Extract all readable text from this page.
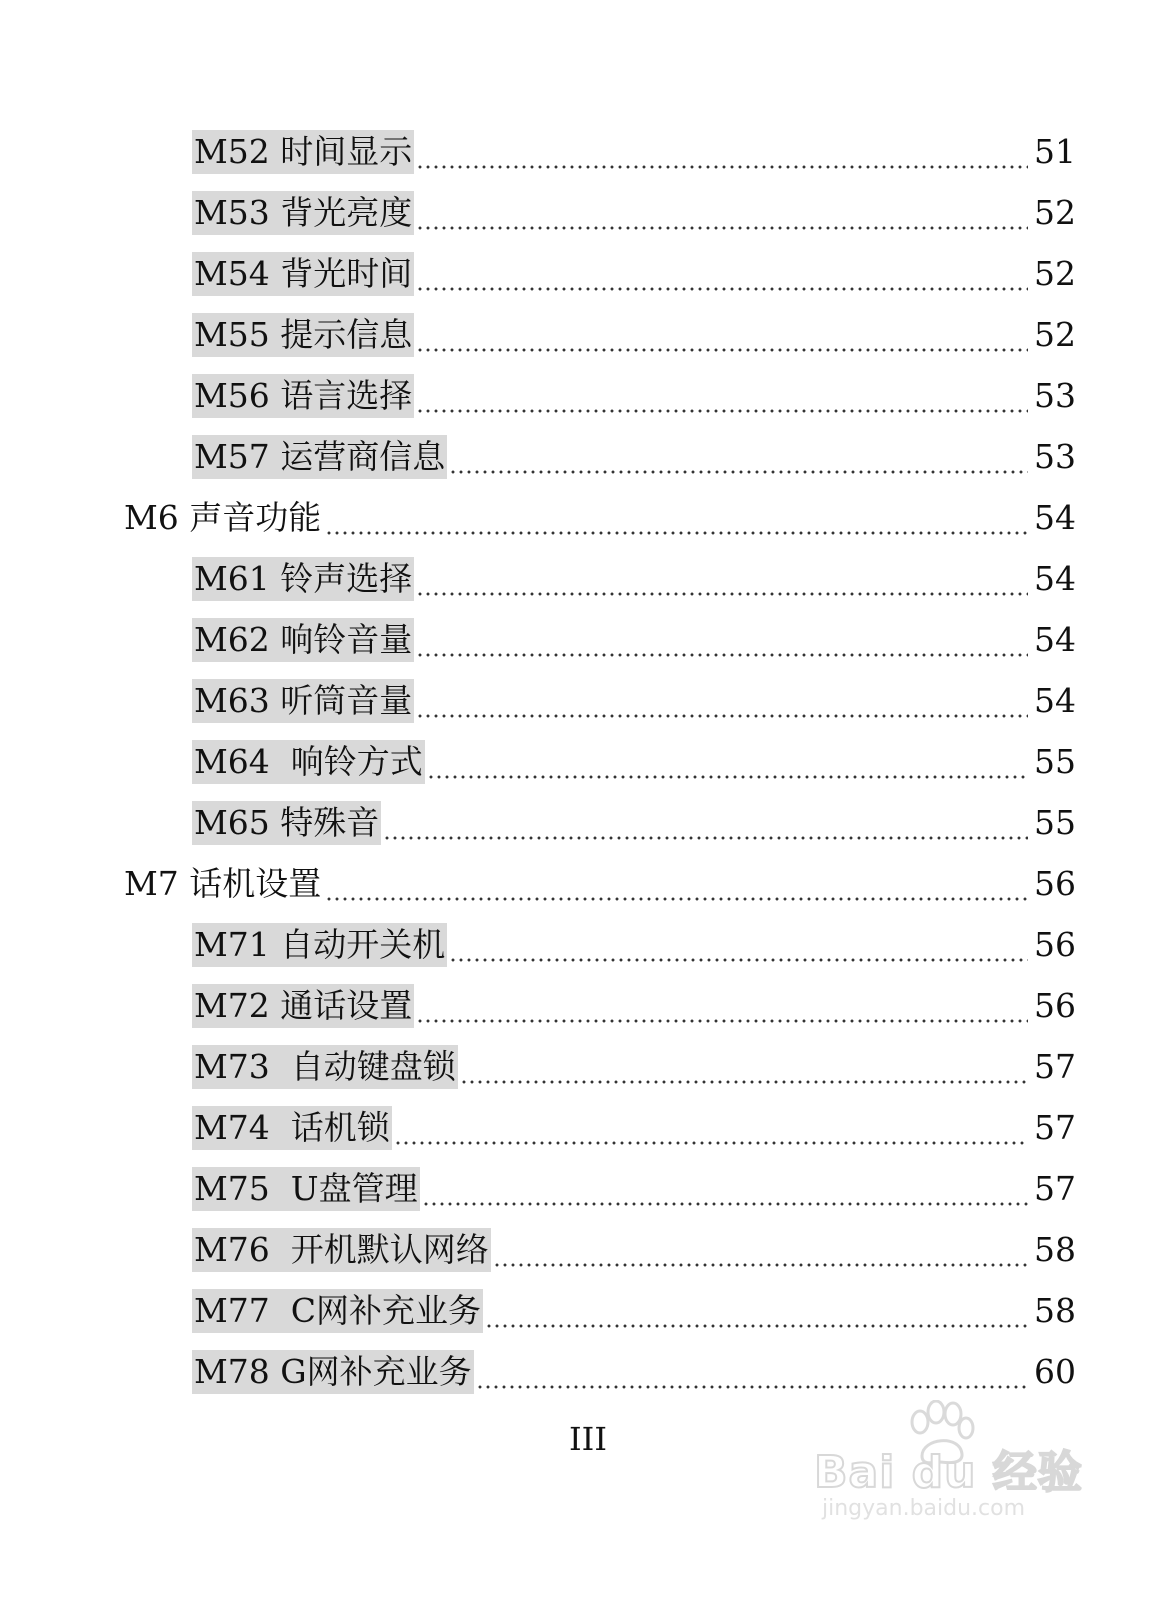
M52 时间显示	51
M53 背光亮度	52
M54 背光时间	52
M55 提示信息	52
M56 语言选择	53
M57 运营商信息	53
M6 声音功能	54
M61 铃声选择	54
M62 响铃音量	54
M63 听筒音量	54
M64  响铃方式	55
M65 特殊音	55
M7 话机设置	56
M71 自动开关机	56
M72 通话设置	56
M73  自动键盘锁	57
M74  话机锁	57
M75  U盘管理	57
M76  开机默认网络	58
M77  C网补充业务	58
M78 G网补充业务	60
III
Bai du 经验
jingyan.baidu.com
